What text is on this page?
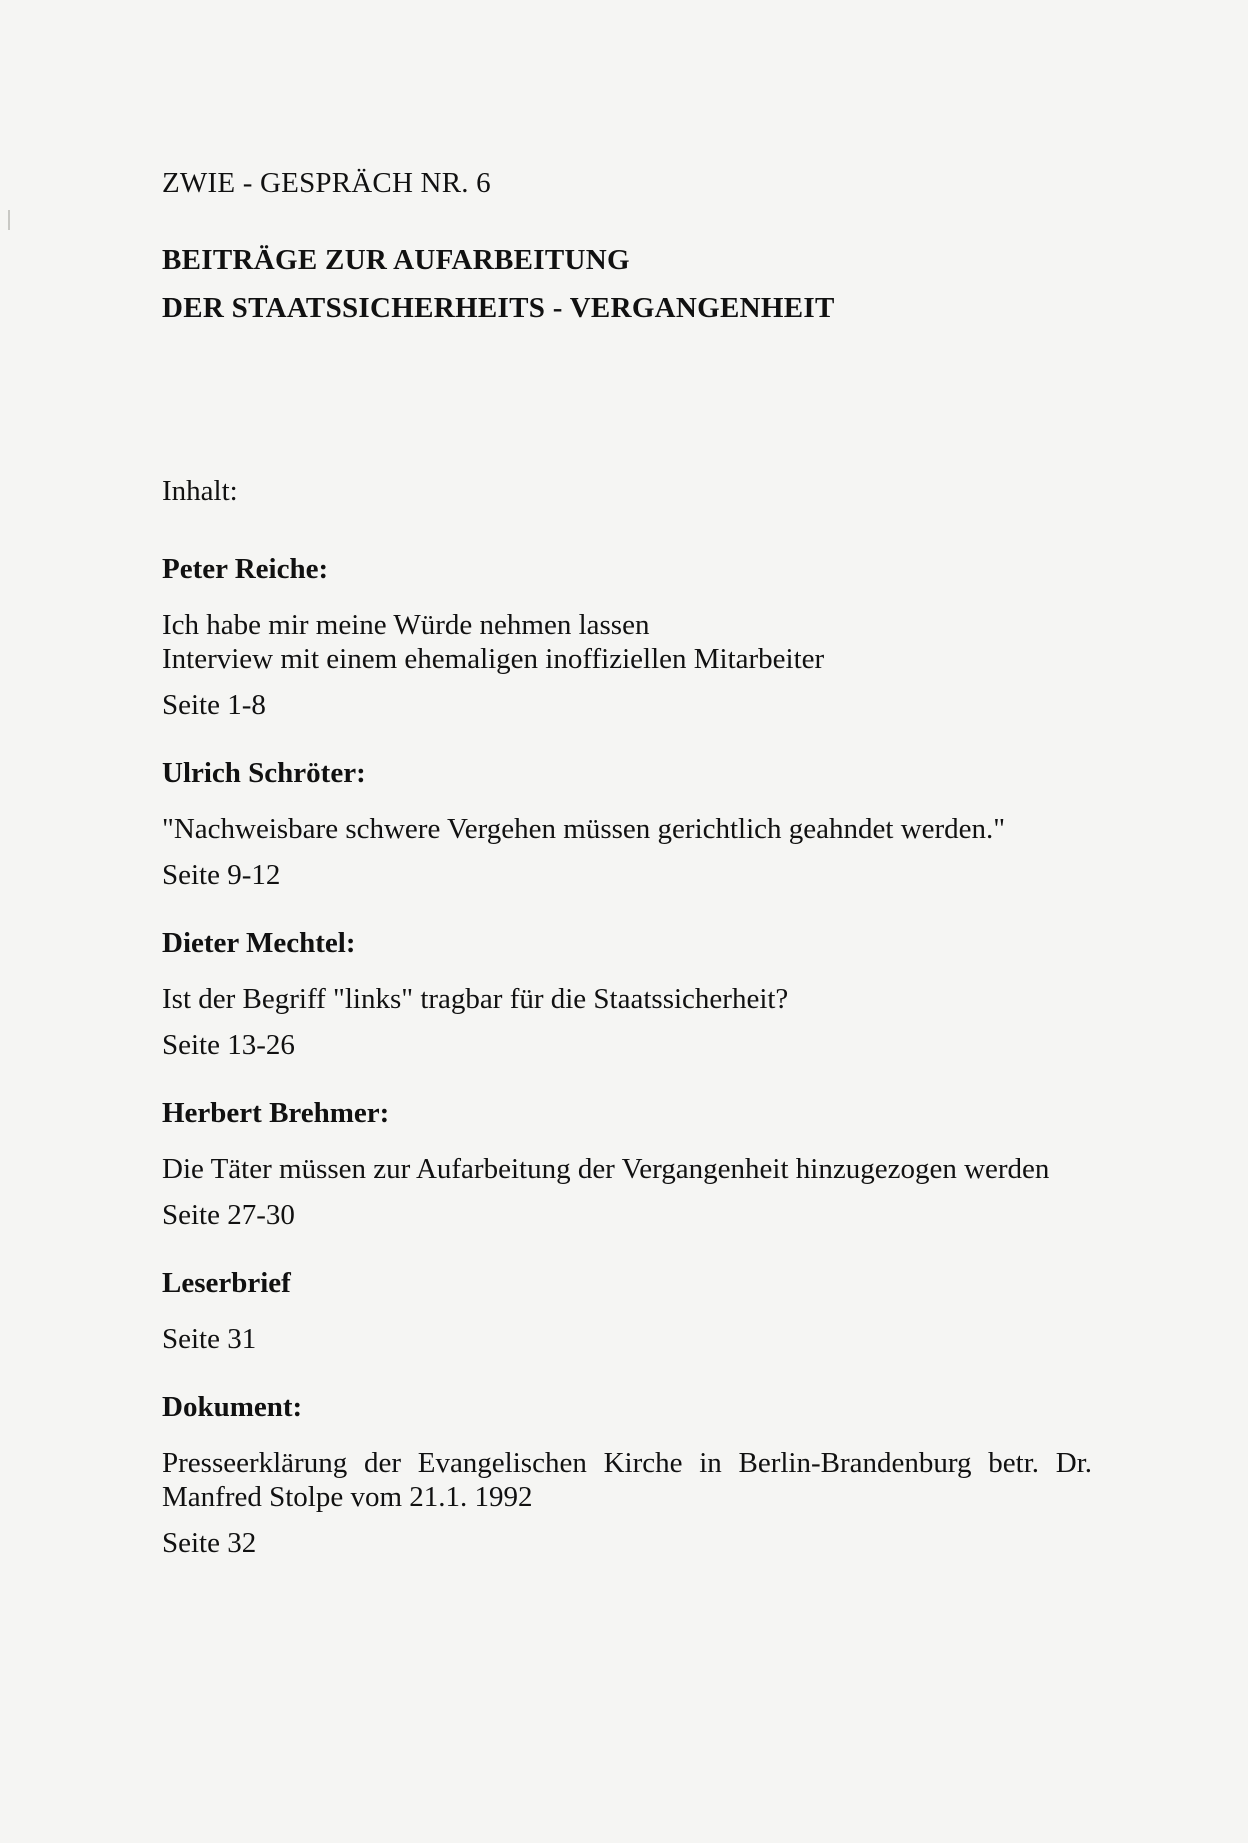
ZWIE - GESPRÄCH NR. 6

BEITRÄGE ZUR AUFARBEITUNG

DER STAATSSICHERHEITS - VERGANGENHEIT

Inhalt:

Peter Reiche:

Ich habe mir meine Würde nehmen lassen
Interview mit einem ehemaligen inoffiziellen Mitarbeiter

Seite 1-8

Ulrich Schröter:

"Nachweisbare schwere Vergehen müssen gerichtlich geahndet werden."

Seite 9-12

Dieter Mechtel:

Ist der Begriff "links" tragbar für die Staatssicherheit?

Seite 13-26

Herbert Brehmer:

Die Täter müssen zur Aufarbeitung der Vergangenheit hinzugezogen werden

Seite 27-30

Leserbrief

Seite 31

Dokument:

Presseerklärung der Evangelischen Kirche in Berlin-Brandenburg betr. Dr. Manfred Stolpe vom 21.1. 1992

Seite 32
